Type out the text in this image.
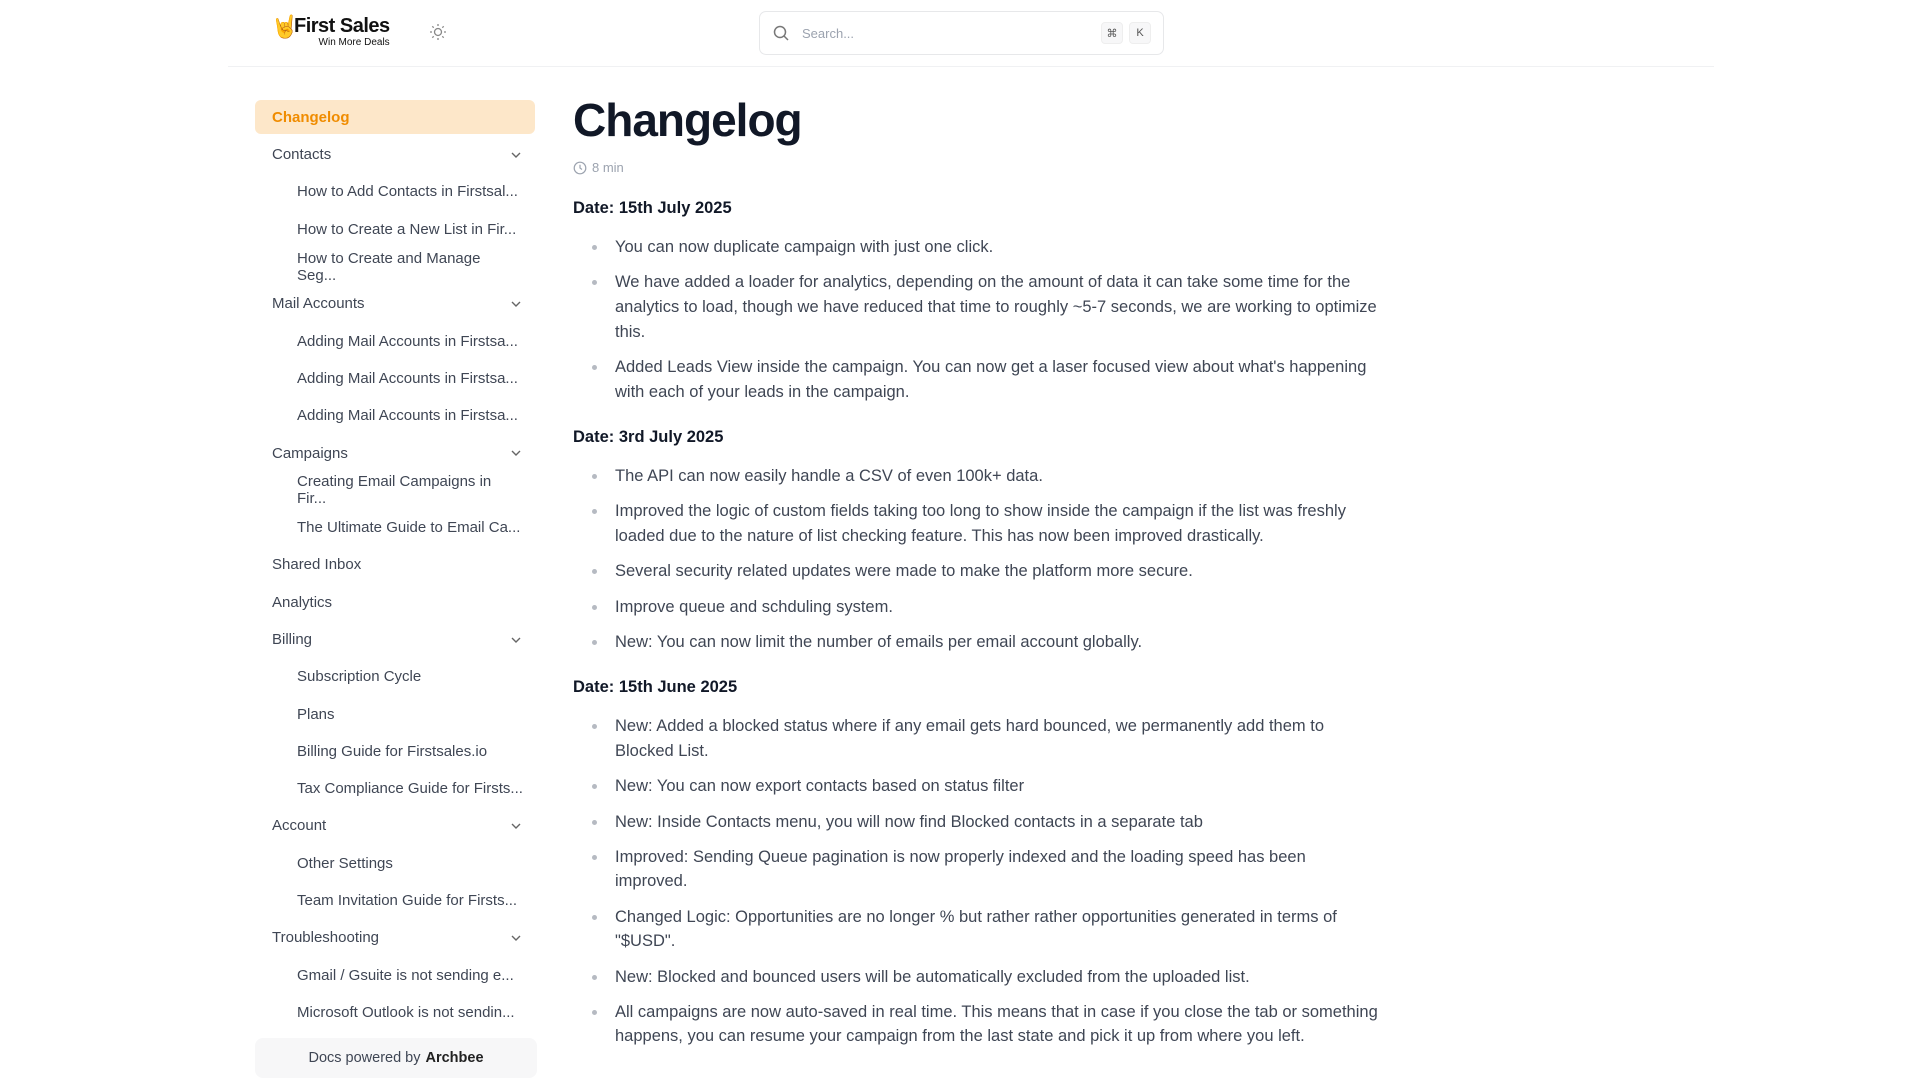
🤘
First Sales
Win More Deals
Search...	⌘	K
Changelog
Contacts
How to Add Contacts in Firstsal...
How to Create a New List in Fir...
How to Create and Manage Seg...
Mail Accounts
Adding Mail Accounts in Firstsa...
Adding Mail Accounts in Firstsa...
Adding Mail Accounts in Firstsa...
Campaigns
Creating Email Campaigns in Fir...
The Ultimate Guide to Email Ca...
Shared Inbox
Analytics
Billing
Subscription Cycle
Plans
Billing Guide for Firstsales.io
Tax Compliance Guide for Firsts...
Account
Other Settings
Team Invitation Guide for Firsts...
Troubleshooting
Gmail / Gsuite is not sending e...
Microsoft Outlook is not sendin...
Docs powered by Archbee
Changelog
8 min
Date: 15th July 2025
You can now duplicate campaign with just one click.
We have added a loader for analytics, depending on the amount of data it can take some time for the analytics to load, though we have reduced that time to roughly ~5-7 seconds, we are working to optimize this.
Added Leads View inside the campaign. You can now get a laser focused view about what's happening with each of your leads in the campaign.
Date: 3rd July 2025
The API can now easily handle a CSV of even 100k+ data.
Improved the logic of custom fields taking too long to show inside the campaign if the list was freshly loaded due to the nature of list checking feature. This has now been improved drastically.
Several security related updates were made to make the platform more secure.
Improve queue and schduling system.
New: You can now limit the number of emails per email account globally.
Date: 15th June 2025
New: Added a blocked status where if any email gets hard bounced, we permanently add them to Blocked List.
New: You can now export contacts based on status filter
New: Inside Contacts menu, you will now find Blocked contacts in a separate tab
Improved: Sending Queue pagination is now properly indexed and the loading speed has been improved.
Changed Logic: Opportunities are no longer % but rather rather opportunities generated in terms of "$USD".
New: Blocked and bounced users will be automatically excluded from the uploaded list.
All campaigns are now auto-saved in real time. This means that in case if you close the tab or something happens, you can resume your campaign from the last state and pick it up from where you left.
